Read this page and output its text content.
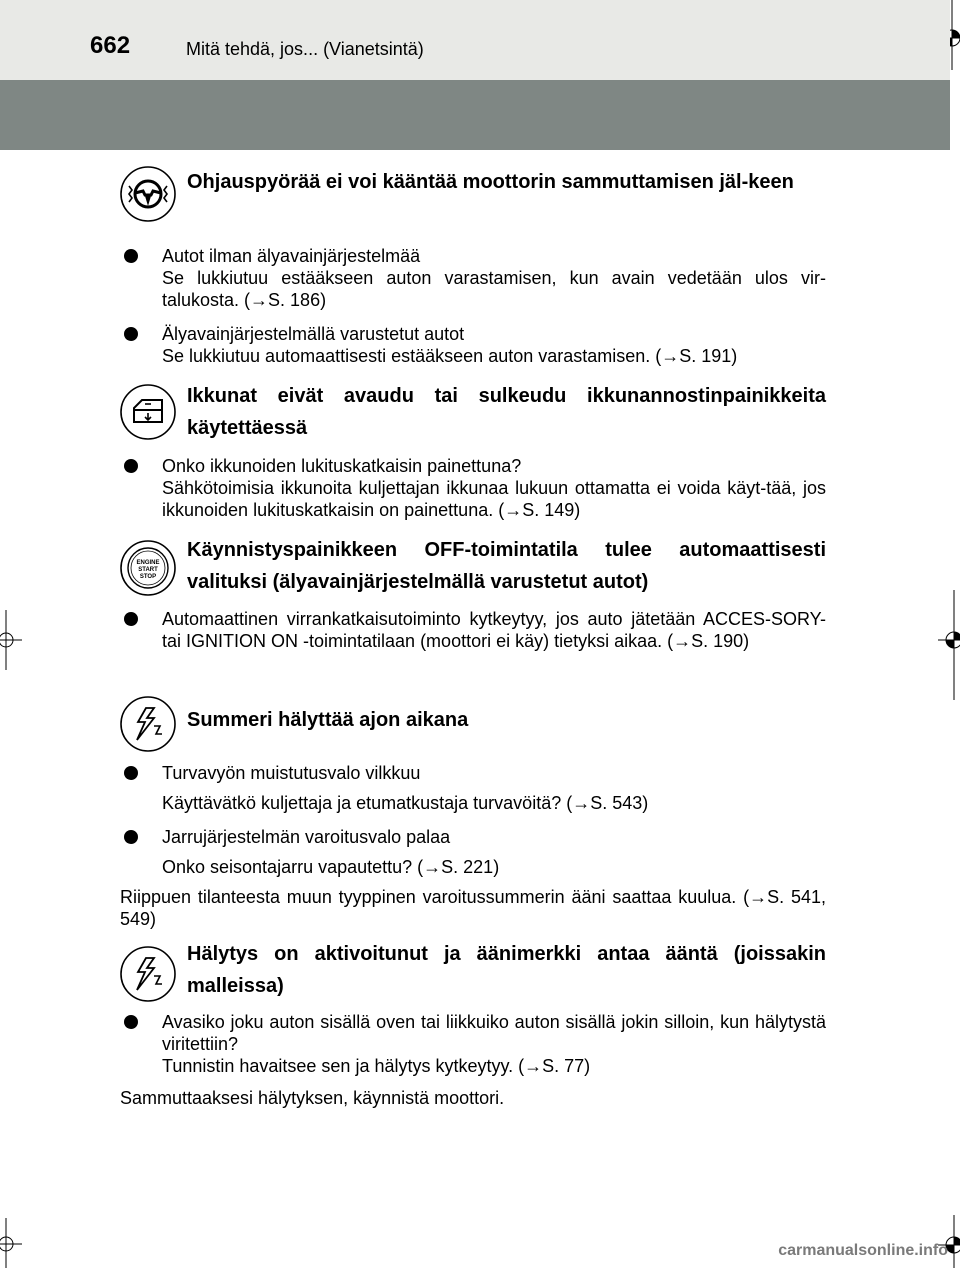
662	Mitä tehdä, jos... (Vianetsintä)
Ohjauspyörää ei voi kääntää moottorin sammuttamisen jäl-keen
Autot ilman älyavainjärjestelmää
Se lukkiutuu estääkseen auton varastamisen, kun avain vedetään ulos vir-talukosta. (→S. 186)
Älyavainjärjestelmällä varustetut autot
Se lukkiutuu automaattisesti estääkseen auton varastamisen. (→S. 191)
Ikkunat eivät avaudu tai sulkeudu ikkunannostinpainikkeita käytettäessä
Onko ikkunoiden lukituskatkaisin painettuna?
Sähkötoimisia ikkunoita kuljettajan ikkunaa lukuun ottamatta ei voida käyt-tää, jos ikkunoiden lukituskatkaisin on painettuna. (→S. 149)
ENGINE
START
STOP
Käynnistyspainikkeen OFF-toimintatila tulee automaattisesti valituksi (älyavainjärjestelmällä varustetut autot)
Automaattinen virrankatkaisutoiminto kytkeytyy, jos auto jätetään ACCES-SORY- tai IGNITION ON -toimintatilaan (moottori ei käy) tietyksi aikaa. (→S. 190)
Summeri hälyttää ajon aikana
Turvavyön muistutusvalo vilkkuu
Käyttävätkö kuljettaja ja etumatkustaja turvavöitä? (→S. 543)
Jarrujärjestelmän varoitusvalo palaa
Onko seisontajarru vapautettu? (→S. 221)
Riippuen tilanteesta muun tyyppinen varoitussummerin ääni saattaa kuulua. (→S. 541, 549)
Hälytys on aktivoitunut ja äänimerkki antaa ääntä (joissakin malleissa)
Avasiko joku auton sisällä oven tai liikkuiko auton sisällä jokin silloin, kun hälytystä viritettiin?
Tunnistin havaitsee sen ja hälytys kytkeytyy. (→S. 77)
Sammuttaaksesi hälytyksen, käynnistä moottori.
carmanualsonline.info
